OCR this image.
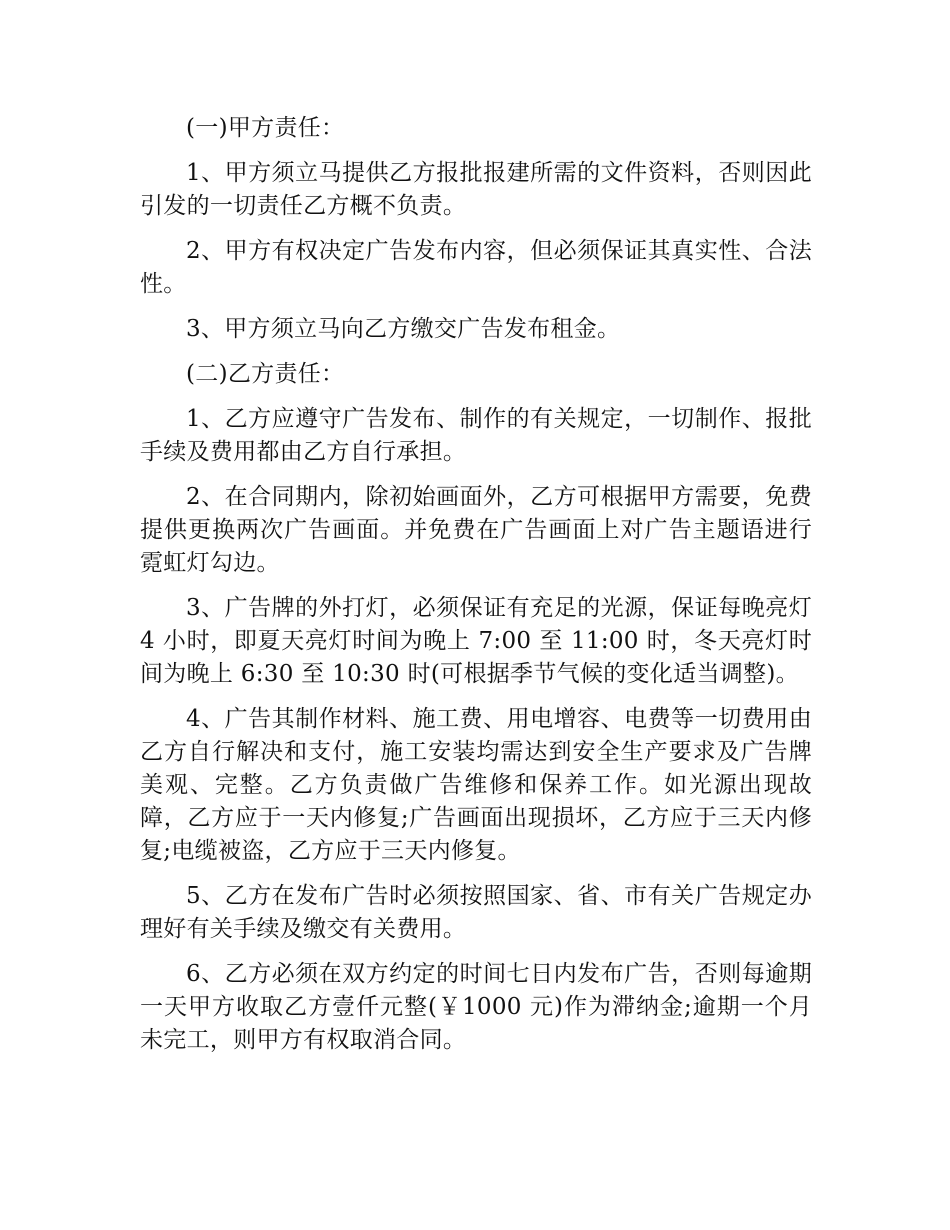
(一)甲方责任：

1、甲方须立马提供乙方报批报建所需的文件资料，否则因此引发的一切责任乙方概不负责。

2、甲方有权决定广告发布内容，但必须保证其真实性、合法性。

3、甲方须立马向乙方缴交广告发布租金。

(二)乙方责任：

1、乙方应遵守广告发布、制作的有关规定，一切制作、报批手续及费用都由乙方自行承担。

2、在合同期内，除初始画面外，乙方可根据甲方需要，免费提供更换两次广告画面。并免费在广告画面上对广告主题语进行霓虹灯勾边。

3、广告牌的外打灯，必须保证有充足的光源，保证每晚亮灯 4 小时，即夏天亮灯时间为晚上 7:00 至 11:00 时，冬天亮灯时间为晚上 6:30 至 10:30 时(可根据季节气候的变化适当调整)。

4、广告其制作材料、施工费、用电增容、电费等一切费用由乙方自行解决和支付，施工安装均需达到安全生产要求及广告牌美观、完整。乙方负责做广告维修和保养工作。如光源出现故障，乙方应于一天内修复;广告画面出现损坏，乙方应于三天内修复;电缆被盗，乙方应于三天内修复。

5、乙方在发布广告时必须按照国家、省、市有关广告规定办理好有关手续及缴交有关费用。

6、乙方必须在双方约定的时间七日内发布广告，否则每逾期一天甲方收取乙方壹仟元整(￥1000 元)作为滞纳金;逾期一个月未完工，则甲方有权取消合同。
